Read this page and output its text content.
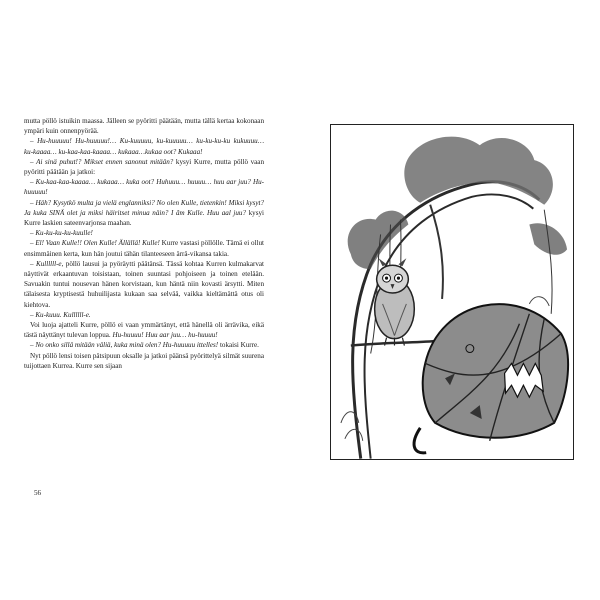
mutta pöllö istuikin maassa. Jälleen se pyöritti päätään, mutta tällä kertaa kokonaan ympäri kuin onnenpyörää.

– Hu-huuuuu! Hu-huuuuu!… Ku-kuuuuu, ku-kuuuuu… ku-ku-ku-ku kukuuuu… ku-kaaaa… ku-kaa-kaa-kaaaa… kukaaa…kukaa oot? Kukaaa!

– Ai sinä puhut!? Mikset ennen sanonut mitään? kysyi Kurre, mutta pöllö vaan pyöritti päätään ja jatkoi:

– Ku-kaa-kaa-kaaaa… kukaaa… kuka oot? Huhuuu… huuuu… huu aar juu? Hu-huuuuu!

– Häh? Kysytkö multa ja vielä englanniksi? No olen Kulle, tietenkin! Miksi kysyt? Ja kuka SINÄ olet ja miksi häiritset minua näin? I âm Kulle. Huu aal juu? kysyi Kurre laskien sateenvarjonsa maahan.

– Ku-ku-ku-ku-kuulle!

– El! Vaan Kulle!! Olen Kulle! Ällällä! Kulle! Kurre vastasi pöllölle. Tämä ei ollut ensimmäinen kerta, kun hän joutui tähän tilanteeseen ärrä-vikansa takia.

– Kullllll-e, pöllö lausui ja pyöräytti päätänsä. Tässä kohtaa Kurren kulmakarvat näyttivät erkaantuvan toisistaan, toinen suuntasi pohjoiseen ja toinen etelään. Savuakin tuntui nousevan hänen korvistaan, kun häntä niin kovasti ärsytti. Miten tälaisesta kryptisestä huhuilijasta kukaan saa selvää, vaikka kieltämättä otus oli kiehtova.

– Ku-kuuu. Kullllll-e.

Voi luoja ajatteli Kurre, pöllö ei vaan ymmärtänyt, että hänellä oli ärrävika, eikä tästä näyttänyt tulevan loppua. Hu-huuuu! Huu aar juu… hu-huuuu!

– No onko sillä mitään väliä, kuka minä olen? Hu-huuuuu ittelles! tokaisi Kurre.

Nyt pöllö lensi toisen pätsipuun oksalle ja jatkoi päänsä pyörittelyä silmät suurena tuijottaen Kurrea. Kurre sen sijaan

56
